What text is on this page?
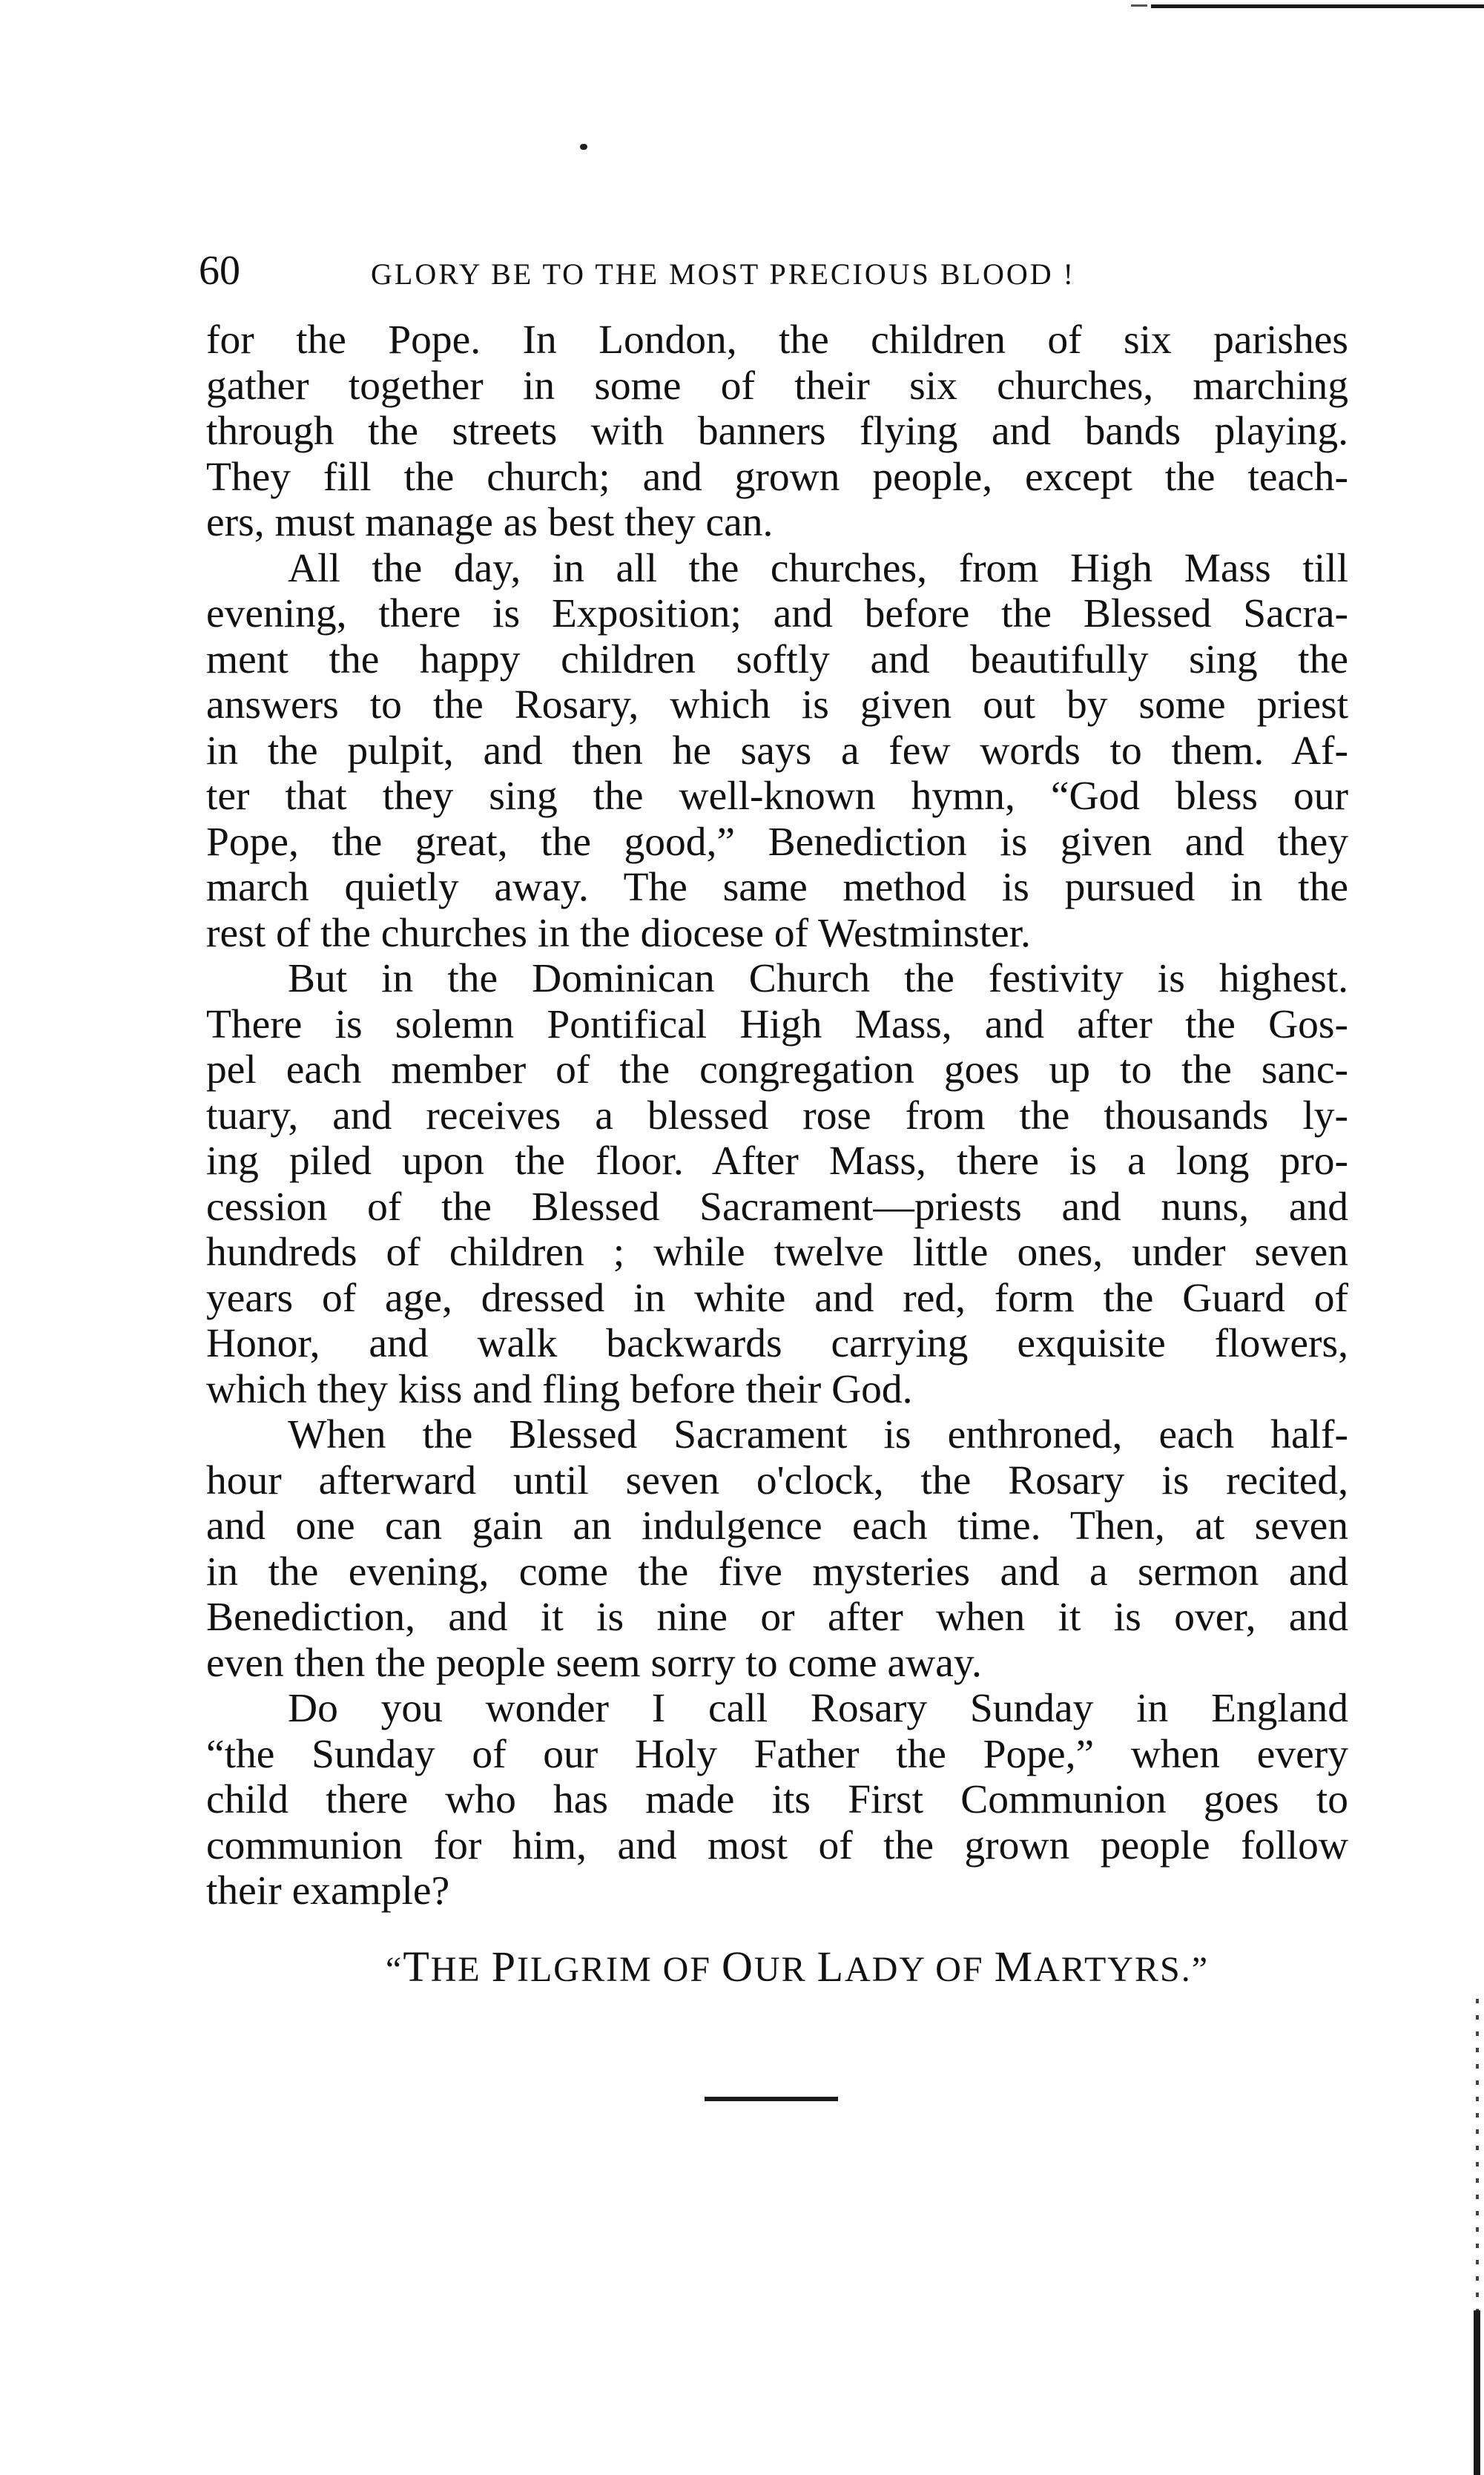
60	GLORY BE TO THE MOST PRECIOUS BLOOD !
for the Pope. In London, the children of six parishes
gather together in some of their six churches, marching
through the streets with banners flying and bands playing.
They fill the church; and grown people, except the teach-
ers, must manage as best they can.
All the day, in all the churches, from High Mass till
evening, there is Exposition; and before the Blessed Sacra-
ment the happy children softly and beautifully sing the
answers to the Rosary, which is given out by some priest
in the pulpit, and then he says a few words to them. Af-
ter that they sing the well-known hymn, “God bless our
Pope, the great, the good,” Benediction is given and they
march quietly away. The same method is pursued in the
rest of the churches in the diocese of Westminster.
But in the Dominican Church the festivity is highest.
There is solemn Pontifical High Mass, and after the Gos-
pel each member of the congregation goes up to the sanc-
tuary, and receives a blessed rose from the thousands ly-
ing piled upon the floor. After Mass, there is a long pro-
cession of the Blessed Sacrament—priests and nuns, and
hundreds of children ; while twelve little ones, under seven
years of age, dressed in white and red, form the Guard of
Honor, and walk backwards carrying exquisite flowers,
which they kiss and fling before their God.
When the Blessed Sacrament is enthroned, each half-
hour afterward until seven o'clock, the Rosary is recited,
and one can gain an indulgence each time. Then, at seven
in the evening, come the five mysteries and a sermon and
Benediction, and it is nine or after when it is over, and
even then the people seem sorry to come away.
Do you wonder I call Rosary Sunday in England
“the Sunday of our Holy Father the Pope,” when every
child there who has made its First Communion goes to
communion for him, and most of the grown people follow
their example?
“THE PILGRIM OF OUR LADY OF MARTYRS.”
